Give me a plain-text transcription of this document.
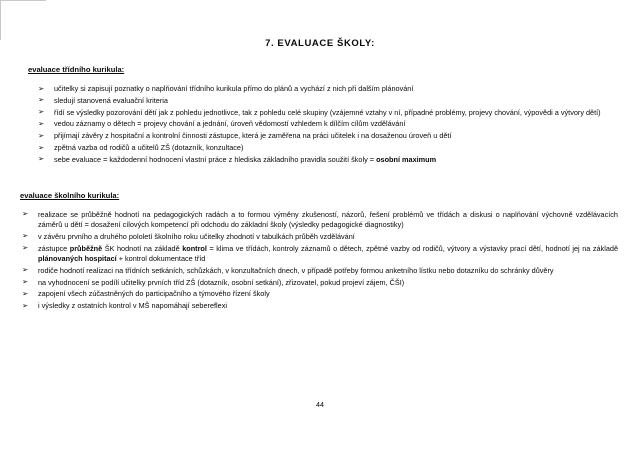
7. EVALUACE ŠKOLY:
evaluace třídního kurikula:
➢ učitelky si zapisují poznatky o naplňování třídního kurikula přímo do plánů a vychází z nich při dalším plánování
➢ sledují stanovená evaluační kriteria
➢ řídí se výsledky pozorování dětí jak z pohledu jednotlivce, tak z pohledu celé skupiny (vzájemné vztahy v ní, případné problémy, projevy chování, výpovědi a výtvory dětí)
➢ vedou záznamy o dětech = projevy chování a jednání, úroveň vědomostí vzhledem k dílčím cílům vzdělávání
➢ přijímají závěry z hospitační a kontrolní činnosti zástupce, která je zaměřena na práci učitelek i na dosaženou úroveň u dětí
➢ zpětná vazba od rodičů a učitelů ZŠ (dotazník, konzultace)
➢ sebe evaluace = každodenní hodnocení vlastní práce z hlediska základního pravidla soužití školy = osobní maximum
evaluace školního kurikula:
➢ realizace se průběžně hodnotí na pedagogických radách a to formou výměny zkušeností, názorů, řešení problémů ve třídách a diskusi o naplňování výchovně vzdělávacích záměrů u dětí = dosažení cílových kompetencí při odchodu do základní školy (výsledky pedagogické diagnostiky)
➢ v závěru prvního a druhého pololetí školního roku učitelky zhodnotí v tabulkách průběh vzdělávání
➢ zástupce průběžně ŠK hodnotí na základě kontrol = klima ve třídách, kontroly záznamů o dětech, zpětné vazby od rodičů, výtvory a výstavky prací dětí, hodnotí jej na základě plánovaných hospitací + kontrol dokumentace tříd
➢ rodiče hodnotí realizaci na třídních setkáních, schůzkách, v konzultačních dnech, v případě potřeby formou anketního lístku nebo dotazníku do schránky důvěry
➢ na vyhodnocení se podílí učitelky prvních tříd ZŠ (dotazník, osobní setkání), zřizovatel, pokud projeví zájem, ČŠI)
➢ zapojení všech zúčastněných do participačního a týmového řízení školy
➢ i výsledky z ostatních kontrol v MŠ napomáhají sebereflexi
44
